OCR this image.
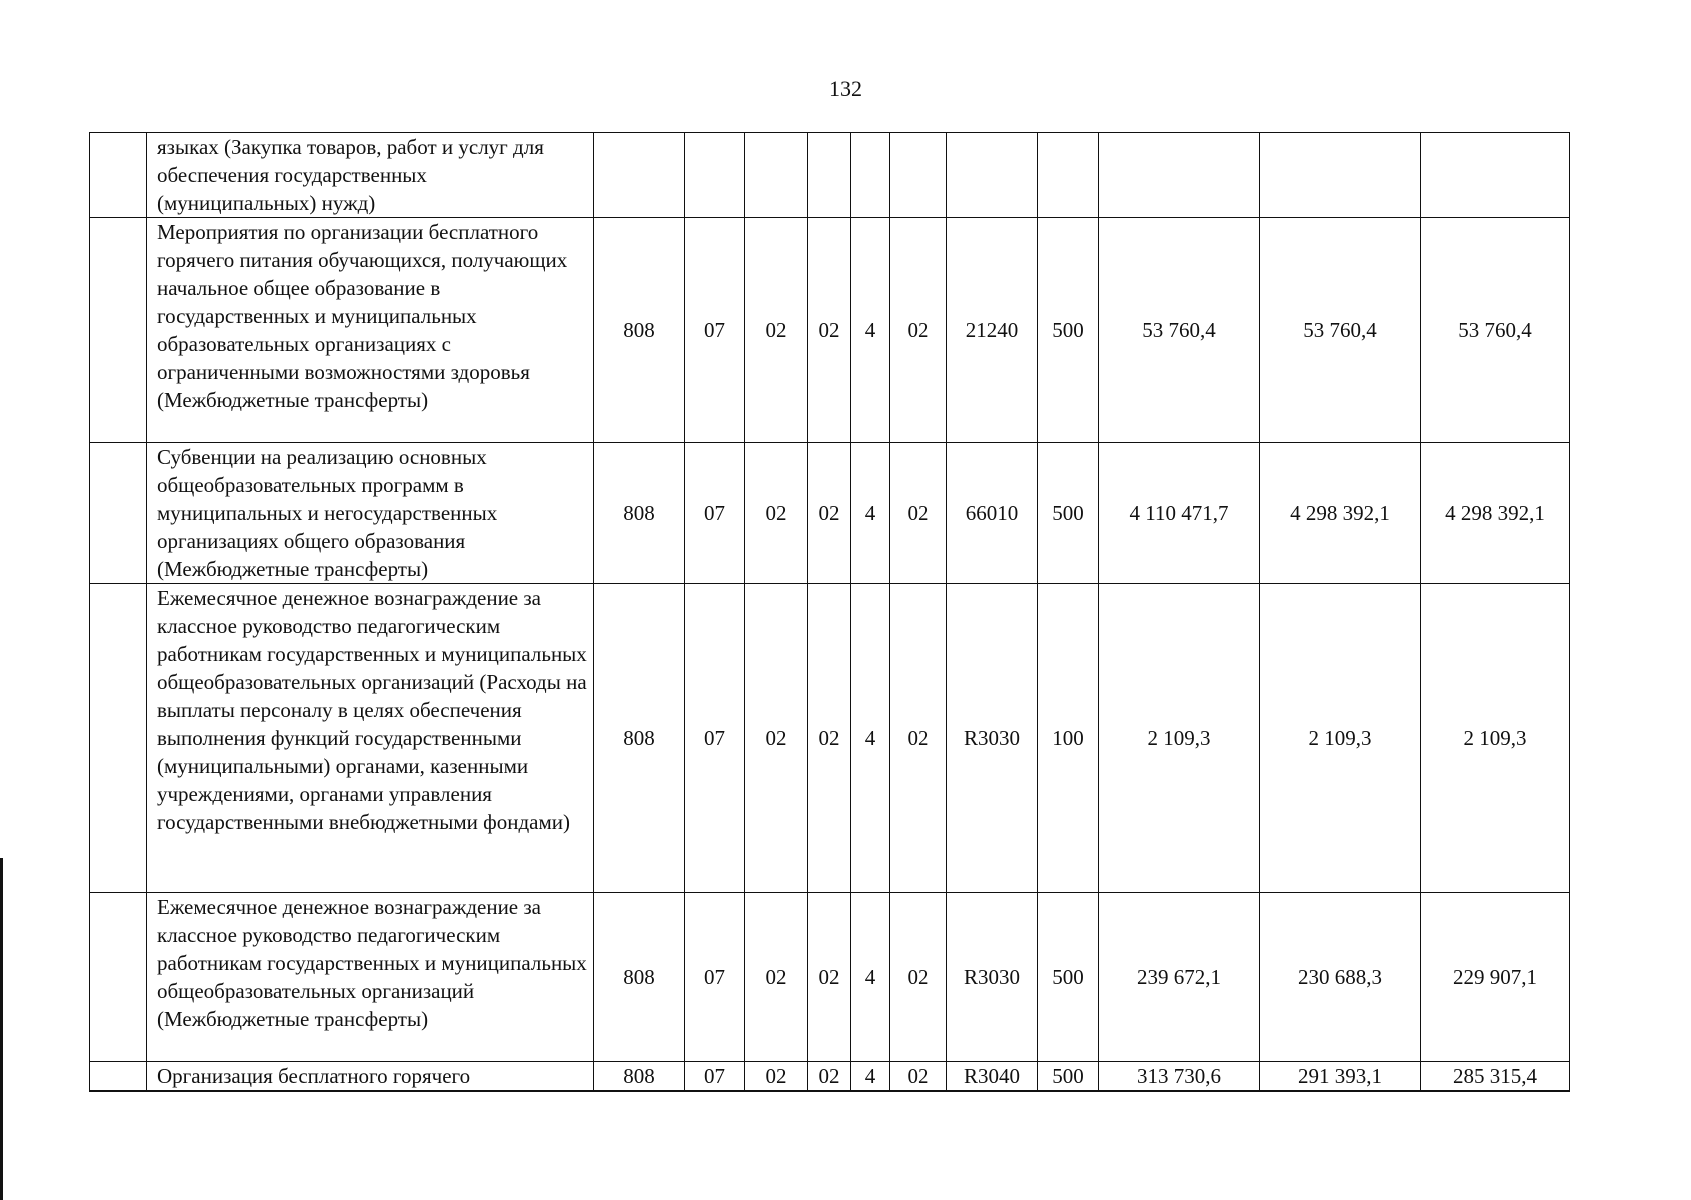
132
	языках (Закупка товаров, работ и услуг для обеспечения государственных (муниципальных) нужд)											
	Мероприятия по организации бесплатного горячего питания обучающихся, получающих начальное общее образование в государственных и муниципальных образовательных организациях с ограниченными возможностями здоровья (Межбюджетные трансферты)	808	07	02	02	4	02	21240	500	53 760,4	53 760,4	53 760,4
	Субвенции на реализацию основных общеобразовательных программ в муниципальных и негосударственных организациях общего образования (Межбюджетные трансферты)	808	07	02	02	4	02	66010	500	4 110 471,7	4 298 392,1	4 298 392,1
	Ежемесячное денежное вознаграждение за классное руководство педагогическим работникам государственных и муниципальных общеобразовательных организаций (Расходы на выплаты персоналу в целях обеспечения выполнения функций государственными (муниципальными) органами, казенными учреждениями, органами управления государственными внебюджетными фондами)	808	07	02	02	4	02	R3030	100	2 109,3	2 109,3	2 109,3
	Ежемесячное денежное вознаграждение за классное руководство педагогическим работникам государственных и муниципальных общеобразовательных организаций (Межбюджетные трансферты)	808	07	02	02	4	02	R3030	500	239 672,1	230 688,3	229 907,1
	Организация бесплатного горячего	808	07	02	02	4	02	R3040	500	313 730,6	291 393,1	285 315,4
